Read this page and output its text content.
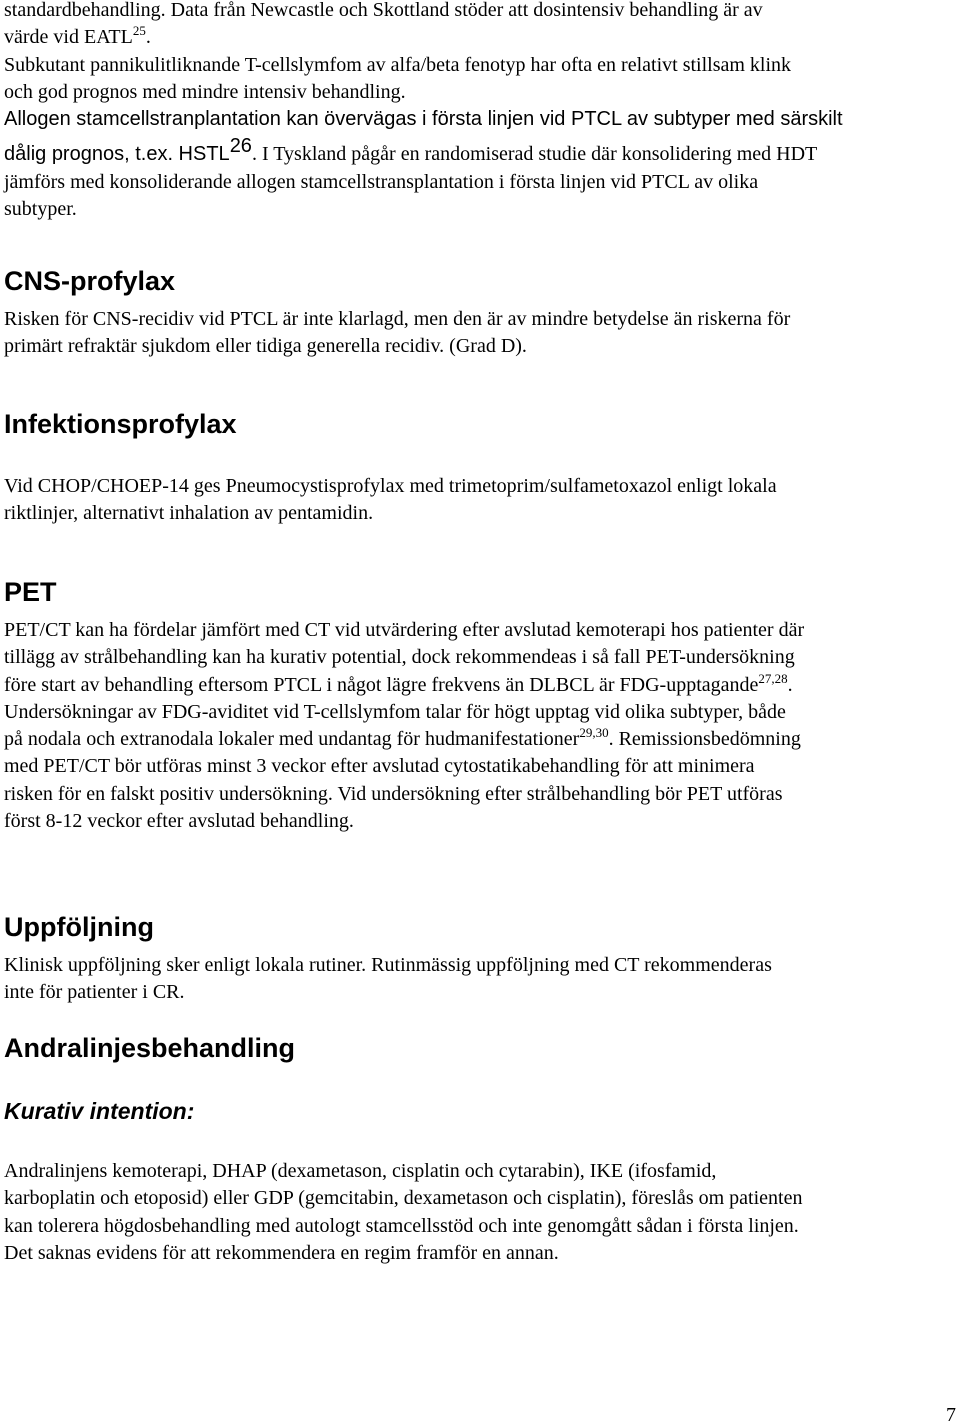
standardbehandling. Data från Newcastle och Skottland stöder att dosintensiv behandling är av
värde vid EATL$^{25}$.
Subkutant pannikulitliknande T-cellslymfom av alfa/beta fenotyp har ofta en relativt stillsam klink
och god prognos med mindre intensiv behandling.
Allogen stamcellstranplantation kan övervägas i första linjen vid PTCL av subtyper med särskilt
dålig prognos, t.ex. HSTL$^{26}$. I Tyskland pågår en randomiserad studie där konsolidering med HDT
jämförs med konsoliderande allogen stamcellstransplantation i första linjen vid PTCL av olika
subtyper.
CNS-profylax
Risken för CNS-recidiv vid PTCL är inte klarlagd, men den är av mindre betydelse än riskerna för
primärt refraktär sjukdom eller tidiga generella recidiv. (Grad D).
Infektionsprofylax
Vid CHOP/CHOEP-14 ges Pneumocystisprofylax med trimetoprim/sulfametoxazol enligt lokala
riktlinjer, alternativt inhalation av pentamidin.
PET
PET/CT kan ha fördelar jämfört med CT vid utvärdering efter avslutad kemoterapi hos patienter där
tillägg av strålbehandling kan ha kurativ potential, dock rekommendeas i så fall PET-undersökning
före start av behandling eftersom PTCL i något lägre frekvens än DLBCL är FDG-upptagande$^{27,28}$.
Undersökningar av FDG-aviditet vid T-cellslymfom talar för högt upptag vid olika subtyper, både
på nodala och extranodala lokaler med undantag för hudmanifestationer$^{29,30}$. Remissionsbedömning
med PET/CT bör utföras minst 3 veckor efter avslutad cytostatikabehandling för att minimera
risken för en falskt positiv undersökning. Vid undersökning efter strålbehandling bör PET utföras
först 8-12 veckor efter avslutad behandling.
Uppföljning
Klinisk uppföljning sker enligt lokala rutiner. Rutinmässig uppföljning med CT rekommenderas
inte för patienter i CR.
Andralinjesbehandling
Kurativ intention:
Andralinjens kemoterapi, DHAP (dexametason, cisplatin och cytarabin), IKE (ifosfamid,
karboplatin och etoposid) eller GDP (gemcitabin, dexametason och cisplatin), föreslås om patienten
kan tolerera högdosbehandling med autologt stamcellsstöd och inte genomgått sådan i första linjen.
Det saknas evidens för att rekommendera en regim framför en annan.
7
